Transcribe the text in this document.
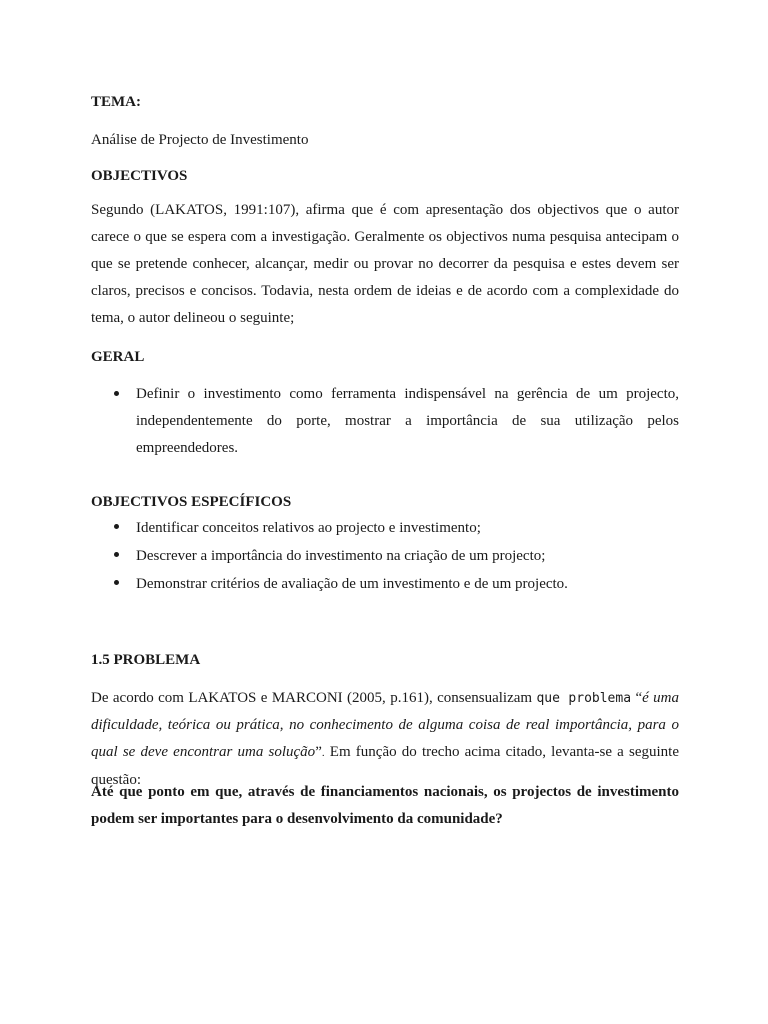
TEMA:

Análise de Projecto de Investimento

OBJECTIVOS

Segundo (LAKATOS, 1991:107), afirma que é com apresentação dos objectivos que o autor carece o que se espera com a investigação. Geralmente os objectivos numa pesquisa antecipam o que se pretende conhecer, alcançar, medir ou provar no decorrer da pesquisa e estes devem ser claros, precisos e concisos. Todavia, nesta ordem de ideias e de acordo com a complexidade do tema, o autor delineou o seguinte;

GERAL

Definir o investimento como ferramenta indispensável na gerência de um projecto, independentemente do porte, mostrar a importância de sua utilização pelos empreendedores.

OBJECTIVOS ESPECÍFICOS

Identificar conceitos relativos ao projecto e investimento;
Descrever a importância do investimento na criação de um projecto;
Demonstrar critérios de avaliação de um investimento e de um projecto.

1.5 PROBLEMA

De acordo com LAKATOS e MARCONI (2005, p.161), consensualizam que problema “é uma dificuldade, teórica ou prática, no conhecimento de alguma coisa de real importância, para o qual se deve encontrar uma solução”. Em função do trecho acima citado, levanta-se a seguinte questão:

Até que ponto em que, através de financiamentos nacionais, os projectos de investimento podem ser importantes para o desenvolvimento da comunidade?
